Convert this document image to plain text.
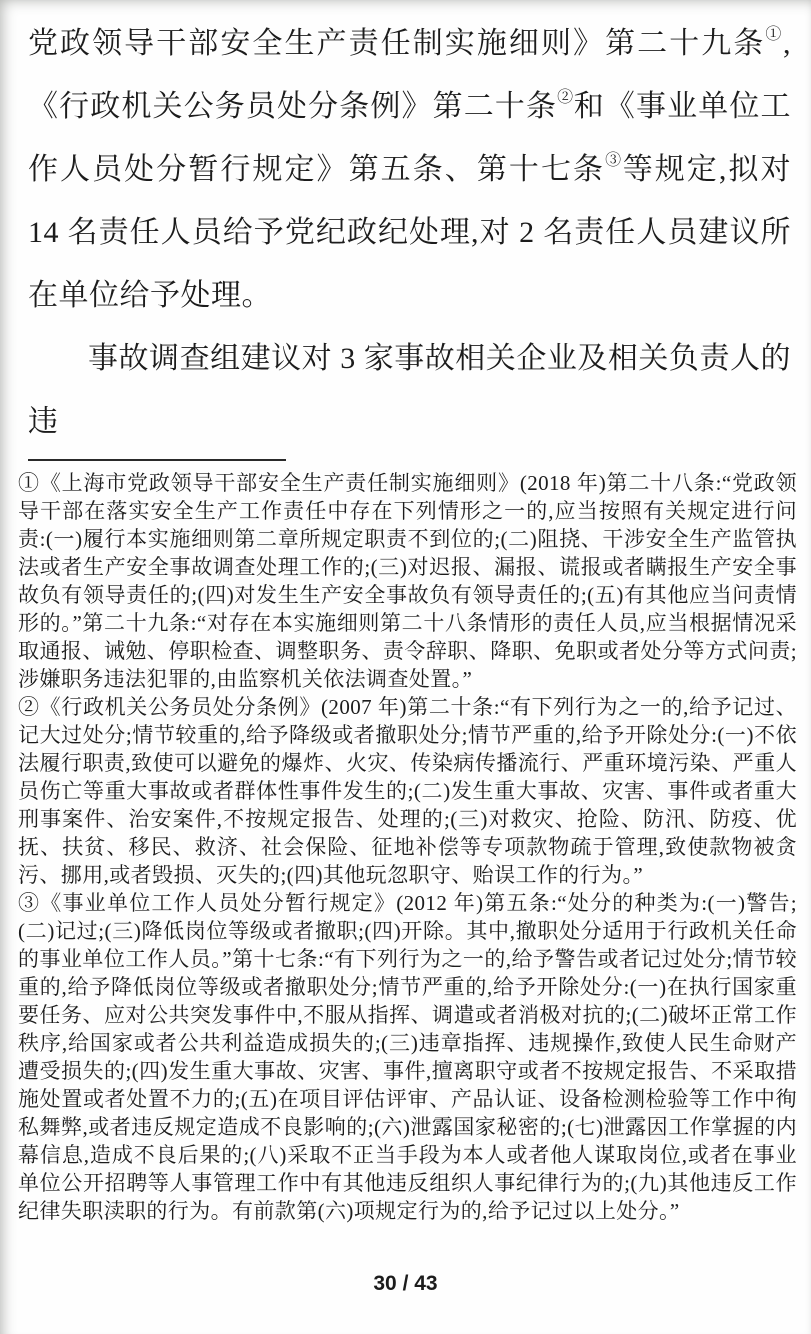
党政领导干部安全生产责任制实施细则》第二十九条①,《行政机关公务员处分条例》第二十条②和《事业单位工作人员处分暂行规定》第五条、第十七条③等规定,拟对 14 名责任人员给予党纪政纪处理,对 2 名责任人员建议所在单位给予处理。

事故调查组建议对 3 家事故相关企业及相关负责人的违

①《上海市党政领导干部安全生产责任制实施细则》(2018 年)第二十八条:“党政领导干部在落实安全生产工作责任中存在下列情形之一的,应当按照有关规定进行问责:(一)履行本实施细则第二章所规定职责不到位的;(二)阻挠、干涉安全生产监管执法或者生产安全事故调查处理工作的;(三)对迟报、漏报、谎报或者瞒报生产安全事故负有领导责任的;(四)对发生生产安全事故负有领导责任的;(五)有其他应当问责情形的。”第二十九条:“对存在本实施细则第二十八条情形的责任人员,应当根据情况采取通报、诫勉、停职检查、调整职务、责令辞职、降职、免职或者处分等方式问责;涉嫌职务违法犯罪的,由监察机关依法调查处置。”

②《行政机关公务员处分条例》(2007 年)第二十条:“有下列行为之一的,给予记过、记大过处分;情节较重的,给予降级或者撤职处分;情节严重的,给予开除处分:(一)不依法履行职责,致使可以避免的爆炸、火灾、传染病传播流行、严重环境污染、严重人员伤亡等重大事故或者群体性事件发生的;(二)发生重大事故、灾害、事件或者重大刑事案件、治安案件,不按规定报告、处理的;(三)对救灾、抢险、防汛、防疫、优抚、扶贫、移民、救济、社会保险、征地补偿等专项款物疏于管理,致使款物被贪污、挪用,或者毁损、灭失的;(四)其他玩忽职守、贻误工作的行为。”

③《事业单位工作人员处分暂行规定》(2012 年)第五条:“处分的种类为:(一)警告;(二)记过;(三)降低岗位等级或者撤职;(四)开除。其中,撤职处分适用于行政机关任命的事业单位工作人员。”第十七条:“有下列行为之一的,给予警告或者记过处分;情节较重的,给予降低岗位等级或者撤职处分;情节严重的,给予开除处分:(一)在执行国家重要任务、应对公共突发事件中,不服从指挥、调遣或者消极对抗的;(二)破坏正常工作秩序,给国家或者公共利益造成损失的;(三)违章指挥、违规操作,致使人民生命财产遭受损失的;(四)发生重大事故、灾害、事件,擅离职守或者不按规定报告、不采取措施处置或者处置不力的;(五)在项目评估评审、产品认证、设备检测检验等工作中徇私舞弊,或者违反规定造成不良影响的;(六)泄露国家秘密的;(七)泄露因工作掌握的内幕信息,造成不良后果的;(八)采取不正当手段为本人或者他人谋取岗位,或者在事业单位公开招聘等人事管理工作中有其他违反组织人事纪律行为的;(九)其他违反工作纪律失职渎职的行为。有前款第(六)项规定行为的,给予记过以上处分。”

30 / 43
